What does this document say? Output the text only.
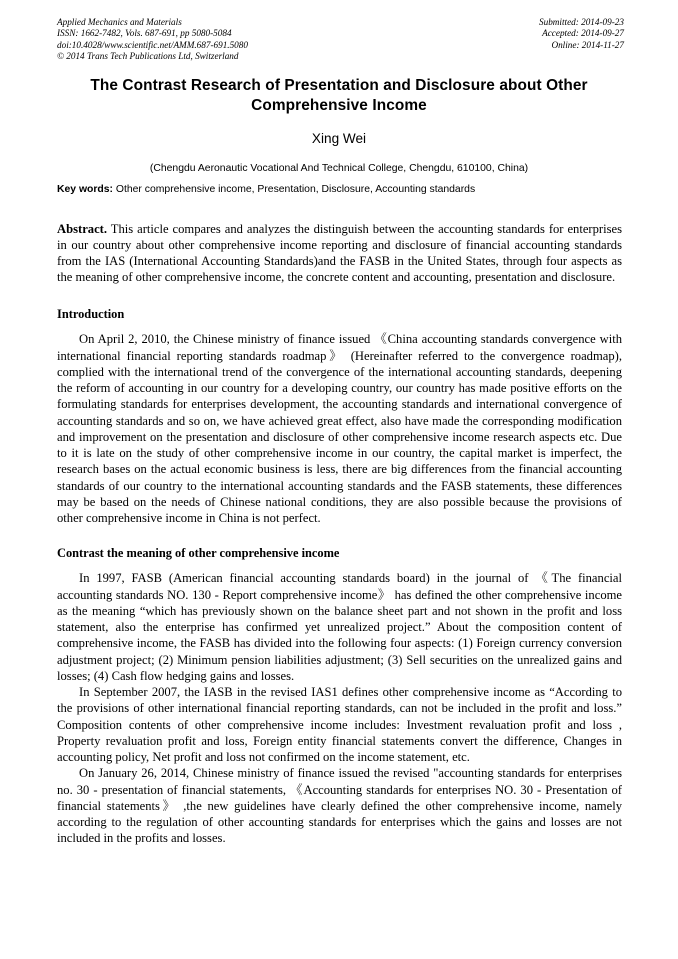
Applied Mechanics and Materials
ISSN: 1662-7482, Vols. 687-691, pp 5080-5084
doi:10.4028/www.scientific.net/AMM.687-691.5080
© 2014 Trans Tech Publications Ltd, Switzerland
Submitted: 2014-09-23
Accepted: 2014-09-27
Online: 2014-11-27
The Contrast Research of Presentation and Disclosure about Other Comprehensive Income
Xing Wei
(Chengdu Aeronautic Vocational And Technical College, Chengdu, 610100, China)

Key words: Other comprehensive income, Presentation, Disclosure, Accounting standards

Abstract. This article compares and analyzes the distinguish between the accounting standards for enterprises in our country about other comprehensive income reporting and disclosure of financial accounting standards from the IAS (International Accounting Standards)and the FASB in the United States, through four aspects as the meaning of other comprehensive income, the concrete content and accounting, presentation and disclosure.

Introduction

On April 2, 2010, the Chinese ministry of finance issued 《China accounting standards convergence with international financial reporting standards roadmap》 (Hereinafter referred to the convergence roadmap), complied with the international trend of the convergence of the international accounting standards, deepening the reform of accounting in our country for a developing country, our country has made positive efforts on the formulating standards for enterprises development, the accounting standards and international convergence of accounting standards and so on, we have achieved great effect, also have made the corresponding modification and improvement on the presentation and disclosure of other comprehensive income research aspects etc. Due to it is late on the study of other comprehensive income in our country, the capital market is imperfect, the research bases on the actual economic business is less, there are big differences from the financial accounting standards of our country to the international accounting standards and the FASB statements, these differences may be based on the needs of Chinese national conditions, they are also possible because the provisions of other comprehensive income in China is not perfect.

Contrast the meaning of other comprehensive income

In 1997, FASB (American financial accounting standards board) in the journal of 《The financial accounting standards NO. 130 - Report comprehensive income》 has defined the other comprehensive income as the meaning “which has previously shown on the balance sheet part and not shown in the profit and loss statement, also the enterprise has confirmed yet unrealized project.” About the composition content of comprehensive income, the FASB has divided into the following four aspects: (1) Foreign currency conversion adjustment project; (2) Minimum pension liabilities adjustment; (3) Sell securities on the unrealized gains and losses; (4) Cash flow hedging gains and losses.

In September 2007, the IASB in the revised IAS1 defines other comprehensive income as “According to the provisions of other international financial reporting standards, can not be included in the profit and loss.” Composition contents of other comprehensive income includes: Investment revaluation profit and loss , Property revaluation profit and loss, Foreign entity financial statements convert the difference, Changes in accounting policy, Net profit and loss not confirmed on the income statement, etc.

On January 26, 2014, Chinese ministry of finance issued the revised "accounting standards for enterprises no. 30 - presentation of financial statements, 《Accounting standards for enterprises NO. 30 - Presentation of financial statements》 ,the new guidelines have clearly defined the other comprehensive income, namely according to the regulation of other accounting standards for enterprises which the gains and losses are not included in the profits and losses.
